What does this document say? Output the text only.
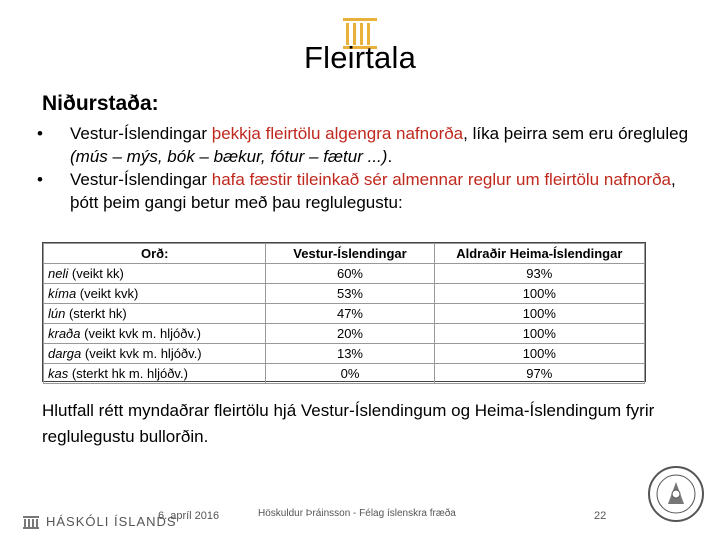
Fleirtala
Niðurstaða:
•	Vestur-Íslendingar þekkja fleirtölu algengra nafnorða, líka þeirra sem eru óregluleg (mús – mýs, bók – bækur, fótur – fætur ...).
•	Vestur-Íslendingar hafa fæstir tileinkað sér almennar reglur um fleirtölu nafnorða, þótt þeim gangi betur með þau reglulegustu:
Orð:	Vestur-Íslendingar	Aldraðir Heima-Íslendingar
neli (veikt kk)	60%	93%
kíma (veikt kvk)	53%	100%
lún (sterkt hk)	47%	100%
kraða (veikt kvk m. hljóðv.)	20%	100%
darga (veikt kvk m. hljóðv.)	13%	100%
kas (sterkt hk m. hljóðv.)	0%	97%
Hlutfall rétt myndaðrar fleirtölu hjá Vestur-Íslendingum og Heima-Íslendingum fyrir reglulegustu bullorðin.
HÁSKÓLI ÍSLANDS
6. apríl 2016	Höskuldur Þráinsson - Félag íslenskra fræða	22
